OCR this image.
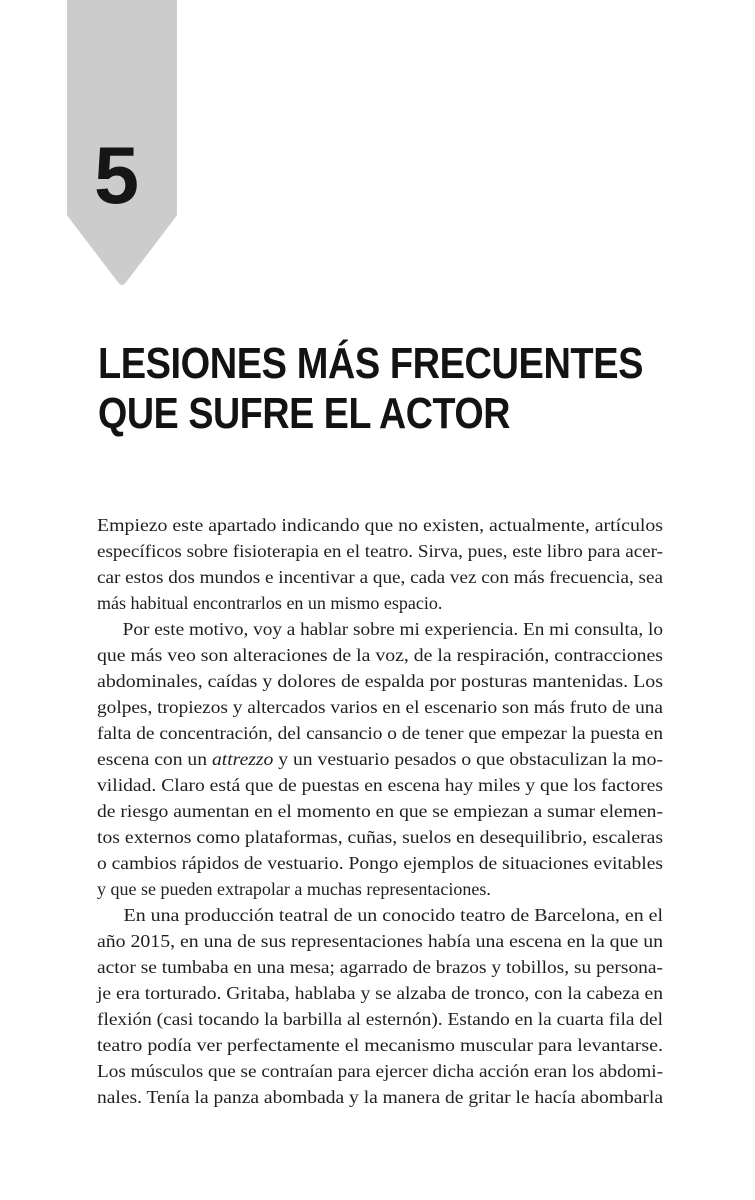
5
LESIONES MÁS FRECUENTES
QUE SUFRE EL ACTOR
Empiezo este apartado indicando que no existen, actualmente, artículos
específicos sobre fisioterapia en el teatro. Sirva, pues, este libro para acer-
car estos dos mundos e incentivar a que, cada vez con más frecuencia, sea
más habitual encontrarlos en un mismo espacio.
Por este motivo, voy a hablar sobre mi experiencia. En mi consulta, lo
que más veo son alteraciones de la voz, de la respiración, contracciones
abdominales, caídas y dolores de espalda por posturas mantenidas. Los
golpes, tropiezos y altercados varios en el escenario son más fruto de una
falta de concentración, del cansancio o de tener que empezar la puesta en
escena con un attrezzo y un vestuario pesados o que obstaculizan la mo-
vilidad. Claro está que de puestas en escena hay miles y que los factores
de riesgo aumentan en el momento en que se empiezan a sumar elemen-
tos externos como plataformas, cuñas, suelos en desequilibrio, escaleras
o cambios rápidos de vestuario. Pongo ejemplos de situaciones evitables
y que se pueden extrapolar a muchas representaciones.
En una producción teatral de un conocido teatro de Barcelona, en el
año 2015, en una de sus representaciones había una escena en la que un
actor se tumbaba en una mesa; agarrado de brazos y tobillos, su persona-
je era torturado. Gritaba, hablaba y se alzaba de tronco, con la cabeza en
flexión (casi tocando la barbilla al esternón). Estando en la cuarta fila del
teatro podía ver perfectamente el mecanismo muscular para levantarse.
Los músculos que se contraían para ejercer dicha acción eran los abdomi-
nales. Tenía la panza abombada y la manera de gritar le hacía abombarla
